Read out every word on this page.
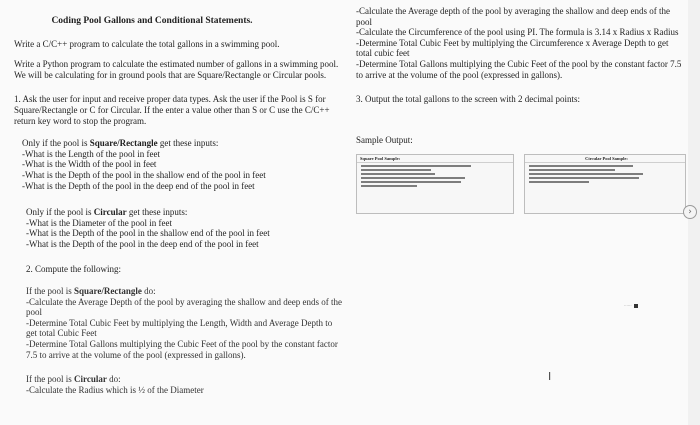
Coding Pool Gallons and Conditional Statements.

Write a C/C++ program to calculate the total gallons in a swimming pool.

Write a Python program to calculate the estimated number of gallons in a swimming pool. We will be calculating for in ground pools that are Square/Rectangle or Circular pools.

1. Ask the user for input and receive proper data types. Ask the user if the Pool is S for Square/Rectangle or C for Circular. If the enter a value other than S or C use the C/C++ return key word to stop the program.

Only if the pool is Square/Rectangle get these inputs:

-What is the Length of the pool in feet

-What is the Width of the pool in feet

-What is the Depth of the pool in the shallow end of the pool in feet

-What is the Depth of the pool in the deep end of the pool in feet

Only if the pool is Circular get these inputs:

-What is the Diameter of the pool in feet

-What is the Depth of the pool in the shallow end of the pool in feet

-What is the Depth of the pool in the deep end of the pool in feet

2. Compute the following:

If the pool is Square/Rectangle do:

-Calculate the Average Depth of the pool by averaging the shallow and deep ends of the pool

-Determine Total Cubic Feet by multiplying the Length, Width and Average Depth to get total Cubic Feet

-Determine Total Gallons multiplying the Cubic Feet of the pool by the constant factor 7.5 to arrive at the volume of the pool (expressed in gallons).

If the pool is Circular do:

-Calculate the Radius which is ½ of the Diameter

-Calculate the Average depth of the pool by averaging the shallow and deep ends of the pool

-Calculate the Circumference of the pool using PI. The formula is 3.14 x Radius x Radius

-Determine Total Cubic Feet by multiplying the Circumference x Average Depth to get total cubic feet

-Determine Total Gallons multiplying the Cubic Feet of the pool by the constant factor 7.5 to arrive at the volume of the pool (expressed in gallons).

3. Output the total gallons to the screen with 2 decimal points:

Sample Output:

Square Pool Sample:	Circular Pool Sample:
······
I
›
